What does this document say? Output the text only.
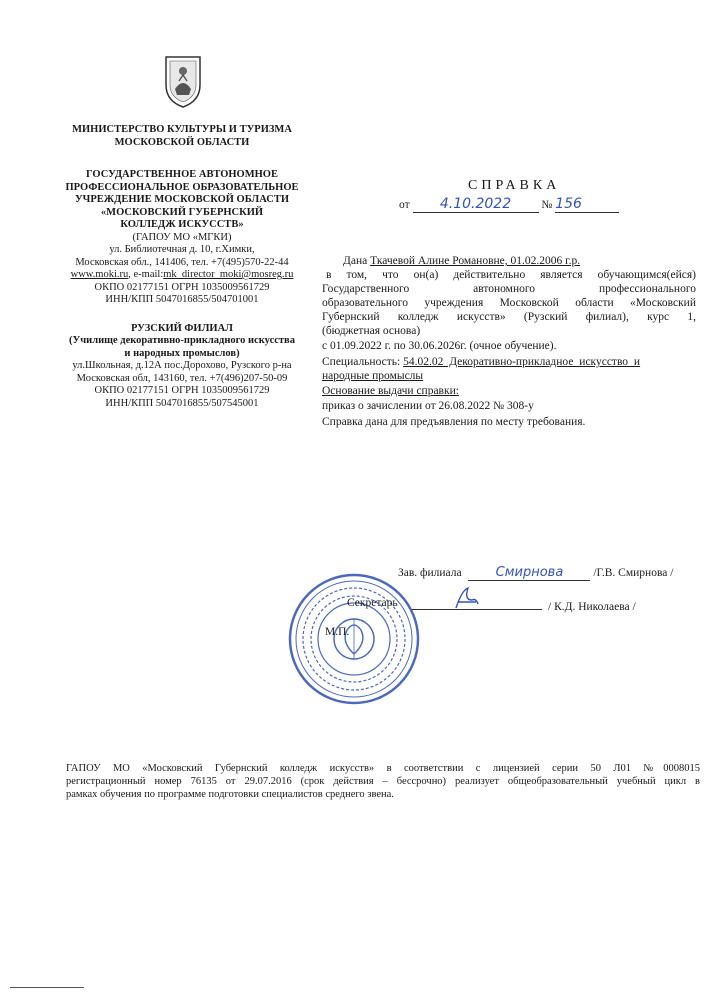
МИНИСТЕРСТВО КУЛЬТУРЫ И ТУРИЗМА
МОСКОВСКОЙ ОБЛАСТИ
ГОСУДАРСТВЕННОЕ АВТОНОМНОЕ
ПРОФЕССИОНАЛЬНОЕ ОБРАЗОВАТЕЛЬНОЕ
УЧРЕЖДЕНИЕ МОСКОВСКОЙ ОБЛАСТИ
«МОСКОВСКИЙ ГУБЕРНСКИЙ
КОЛЛЕДЖ ИСКУССТВ»
(ГАПОУ МО «МГКИ)
ул. Библиотечная д. 10, г.Химки,
Московская обл., 141406, тел. +7(495)570-22-44
www.moki.ru, e-mail:mk_director_moki@mosreg.ru
ОКПО 02177151 ОГРН 1035009561729
ИНН/КПП 5047016855/504701001
РУЗСКИЙ ФИЛИАЛ
(Училище декоративно-прикладного искусства
и народных промыслов)
ул.Школьная, д.12А пос.Дорохово, Рузского р-на
Московская обл, 143160, тел. +7(496)207-50-09
ОКПО 02177151 ОГРН 1035009561729
ИНН/КПП 5047016855/507545001
СПРАВКА
от 4.10.2022	№ 156
Дана Ткачевой Алине Романовне, 01.02.2006 г.р.
в том, что он(а) действительно является обучающимся(ейся)
Государственного автономного профессионального
образовательного учреждения Московской области «Московский
Губернский колледж искусств» (Рузский филиал), курс 1,
(бюджетная основа)
с 01.09.2022 г. по 30.06.2026г. (очное обучение).
Специальность: 54.02.02 Декоративно-прикладное искусство и
народные промыслы
Основание выдачи справки:
приказ о зачислении от 26.08.2022 № 308-у
Справка дана для предъявления по месту требования.
Зав. филиала	Смирнова	/Г.В. Смирнова /
Секретарь	/ К.Д. Николаева /
М.П.
ГАПОУ МО «Московский Губернский колледж искусств» в соответствии с лицензией серии 50 Л01 №0008015
регистрационный номер 76135 от 29.07.2016 (срок действия – бессрочно) реализует общеобразовательный учебный цикл в
рамках обучения по программе подготовки специалистов среднего звена.
